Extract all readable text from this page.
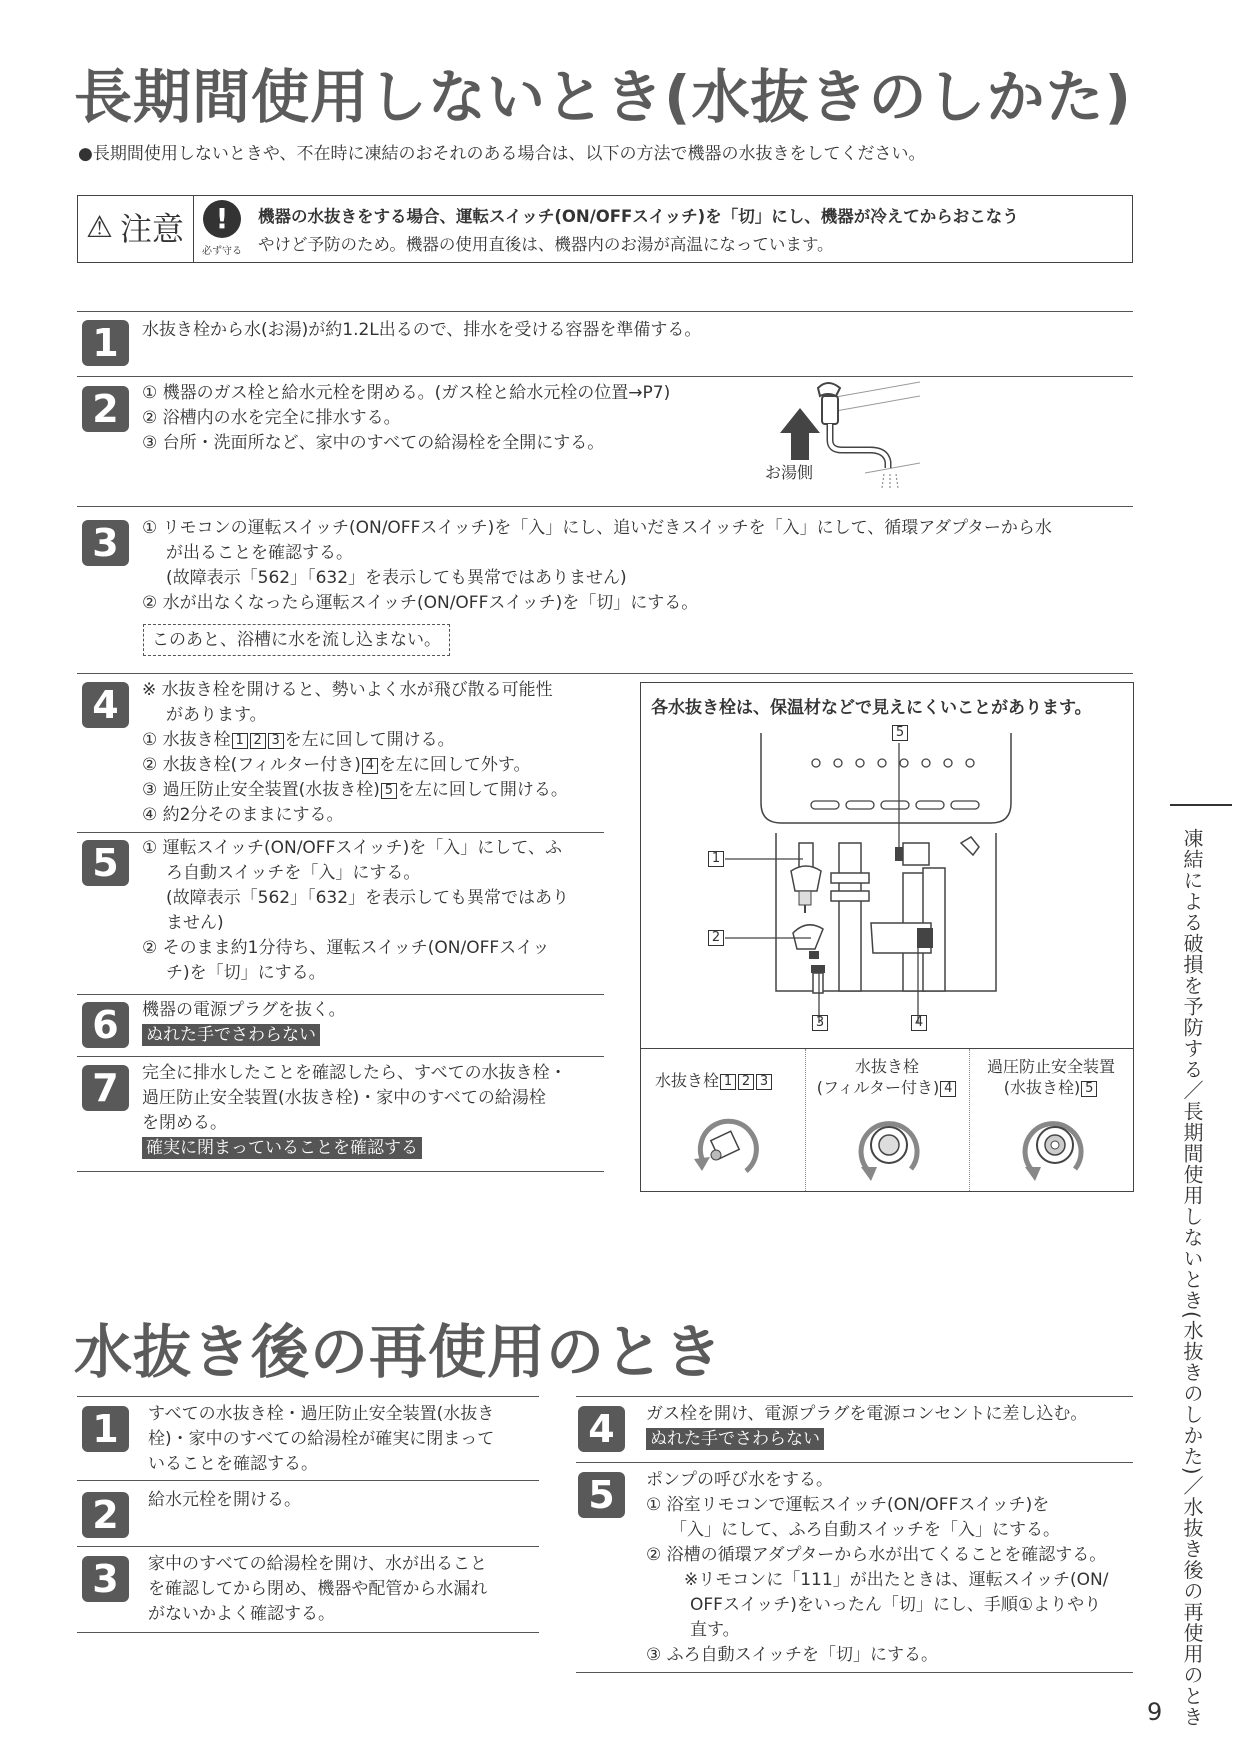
長期間使用しないとき(水抜きのしかた)
●長期間使用しないときや、不在時に凍結のおそれのある場合は、以下の方法で機器の水抜きをしてください。
⚠ 注意	!
必ず守る
機器の水抜きをする場合、運転スイッチ(ON/OFFスイッチ)を「切」にし、機器が冷えてからおこなう
やけど予防のため。機器の使用直後は、機器内のお湯が高温になっています。
1	水抜き栓から水(お湯)が約1.2L出るので、排水を受ける容器を準備する。
2	① 機器のガス栓と給水元栓を閉める。(ガス栓と給水元栓の位置→P7)
② 浴槽内の水を完全に排水する。
③ 台所・洗面所など、家中のすべての給湯栓を全開にする。
お湯側
3	① リモコンの運転スイッチ(ON/OFFスイッチ)を「入」にし、追いだきスイッチを「入」にして、循環アダプターから水
が出ることを確認する。
(故障表示「562」「632」を表示しても異常ではありません)
② 水が出なくなったら運転スイッチ(ON/OFFスイッチ)を「切」にする。
このあと、浴槽に水を流し込まない。
4	※ 水抜き栓を開けると、勢いよく水が飛び散る可能性
があります。
① 水抜き栓 1 2 3 を左に回して開ける。
② 水抜き栓(フィルター付き) 4 を左に回して外す。
③ 過圧防止安全装置(水抜き栓) 5 を左に回して開ける。
④ 約2分そのままにする。
5	① 運転スイッチ(ON/OFFスイッチ)を「入」にして、ふ
ろ自動スイッチを「入」にする。
(故障表示「562」「632」を表示しても異常ではあり
ません)
② そのまま約1分待ち、運転スイッチ(ON/OFFスイッ
チ)を「切」にする。
6	機器の電源プラグを抜く。
ぬれた手でさわらない
7	完全に排水したことを確認したら、すべての水抜き栓・
過圧防止安全装置(水抜き栓)・家中のすべての給湯栓
を閉める。
確実に閉まっていることを確認する
各水抜き栓は、保温材などで見えにくいことがあります。
5
1
2
3	4
水抜き栓 1 2 3
水抜き栓
(フィルター付き) 4
過圧防止安全装置
(水抜き栓) 5
水抜き後の再使用のとき
1	すべての水抜き栓・過圧防止安全装置(水抜き
栓)・家中のすべての給湯栓が確実に閉まって
いることを確認する。
2	給水元栓を開ける。
3	家中のすべての給湯栓を開け、水が出ること
を確認してから閉め、機器や配管から水漏れ
がないかよく確認する。
4	ガス栓を開け、電源プラグを電源コンセントに差し込む。
ぬれた手でさわらない
5	ポンプの呼び水をする。
① 浴室リモコンで運転スイッチ(ON/OFFスイッチ)を
「入」にして、ふろ自動スイッチを「入」にする。
② 浴槽の循環アダプターから水が出てくることを確認する。
※リモコンに「111」が出たときは、運転スイッチ(ON/
OFFスイッチ)をいったん「切」にし、手順①よりやり
直す。
③ ふろ自動スイッチを「切」にする。	凍結による破損を予防する／長期間使用しないとき(水抜きのしかた)／水抜き後の再使用のとき
9
